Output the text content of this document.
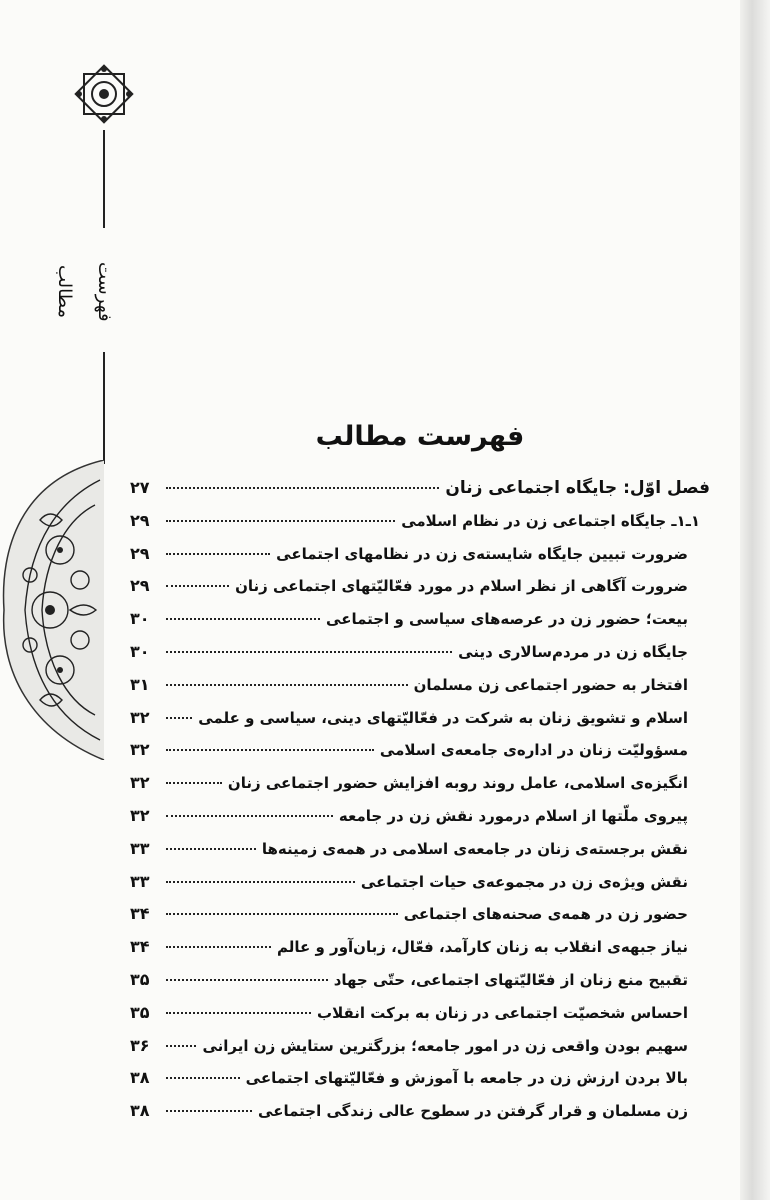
فهرست مطالب
فهرست مطالب
فصل اوّل: جایگاه اجتماعی زنان
۲۷
۱ـ۱ـ جایگاه اجتماعی زن در نظام اسلامی
۲۹
ضرورت تبیین جایگاه شایسته‌ی زن در نظامهای اجتماعی
۲۹
ضرورت آگاهی از نظر اسلام در مورد فعّالیّتهای اجتماعی زنان
۲۹
بیعت؛ حضور زن در عرصه‌های سیاسی و اجتماعی
۳۰
جایگاه زن در مردم‌سالاری دینی
۳۰
افتخار به حضور اجتماعی زن مسلمان
۳۱
اسلام و تشویق زنان به شرکت در فعّالیّتهای دینی، سیاسی و علمی
۳۲
مسؤولیّت زنان در اداره‌ی جامعه‌ی اسلامی
۳۲
انگیزه‌ی اسلامی، عامل روند روبه افزایش حضور اجتماعی زنان
۳۲
پیروی ملّتها از اسلام درمورد نقش زن در جامعه
۳۲
نقش برجسته‌ی زنان در جامعه‌ی اسلامی در همه‌ی زمینه‌ها
۳۳
نقش ویژه‌ی زن در مجموعه‌ی حیات اجتماعی
۳۳
حضور زن در همه‌ی صحنه‌های اجتماعی
۳۴
نیاز جبهه‌ی انقلاب به زنان کارآمد، فعّال، زبان‌آور و عالم
۳۴
تقبیح منع زنان از فعّالیّتهای اجتماعی، حتّی جهاد
۳۵
احساس شخصیّت اجتماعی در زنان به برکت انقلاب
۳۵
سهیم بودن واقعی زن در امور جامعه؛ بزرگترین ستایش زن ایرانی
۳۶
بالا بردن ارزش زن در جامعه با آموزش و فعّالیّتهای اجتماعی
۳۸
زن مسلمان و قرار گرفتن در سطوح عالی زندگی اجتماعی
۳۸
